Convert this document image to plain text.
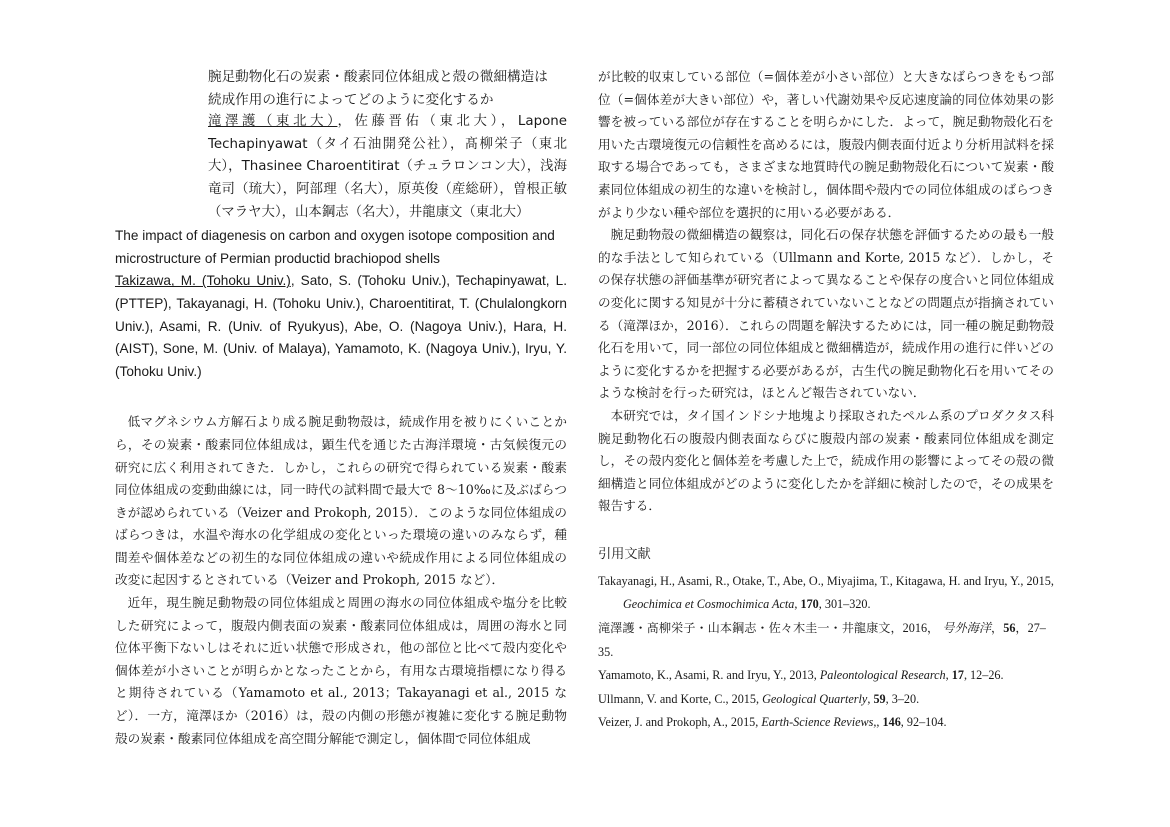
腕足動物化石の炭素・酸素同位体組成と殻の微細構造は
続成作用の進行によってどのように変化するか
滝澤護（東北大），佐藤晋佑（東北大），Lapone Techapinyawat（タイ石油開発公社），髙柳栄子（東北大），Thasinee Charoentitirat（チュラロンコン大），浅海竜司（琉大），阿部理（名大），原英俊（産総研），曽根正敏（マラヤ大），山本鋼志（名大），井龍康文（東北大）
The impact of diagenesis on carbon and oxygen isotope composition and
microstructure of Permian productid brachiopod shells
Takizawa, M. (Tohoku Univ.), Sato, S. (Tohoku Univ.), Techapinyawat, L. (PTTEP), Takayanagi, H. (Tohoku Univ.), Charoentitirat, T. (Chulalongkorn Univ.), Asami, R. (Univ. of Ryukyus), Abe, O. (Nagoya Univ.), Hara, H. (AIST), Sone, M. (Univ. of Malaya), Yamamoto, K. (Nagoya Univ.), Iryu, Y. (Tohoku Univ.)

低マグネシウム方解石より成る腕足動物殻は，続成作用を被りにくいことから，その炭素・酸素同位体組成は，顕生代を通じた古海洋環境・古気候復元の研究に広く利用されてきた．しかし，これらの研究で得られている炭素・酸素同位体組成の変動曲線には，同一時代の試料間で最大で 8〜10‰に及ぶばらつきが認められている（Veizer and Prokoph, 2015）．このような同位体組成のばらつきは，水温や海水の化学組成の変化といった環境の違いのみならず，種間差や個体差などの初生的な同位体組成の違いや続成作用による同位体組成の改変に起因するとされている（Veizer and Prokoph, 2015 など）．

近年，現生腕足動物殻の同位体組成と周囲の海水の同位体組成や塩分を比較した研究によって，腹殻内側表面の炭素・酸素同位体組成は，周囲の海水と同位体平衡下ないしはそれに近い状態で形成され，他の部位と比べて殻内変化や個体差が小さいことが明らかとなったことから，有用な古環境指標になり得ると期待されている（Yamamoto et al., 2013；Takayanagi et al., 2015 など）．一方，滝澤ほか（2016）は，殻の内側の形態が複雑に変化する腕足動物殻の炭素・酸素同位体組成を高空間分解能で測定し，個体間で同位体組成

が比較的収束している部位（=個体差が小さい部位）と大きなばらつきをもつ部位（=個体差が大きい部位）や，著しい代謝効果や反応速度論的同位体効果の影響を被っている部位が存在することを明らかにした．よって，腕足動物殻化石を用いた古環境復元の信頼性を高めるには，腹殻内側表面付近より分析用試料を採取する場合であっても，さまざまな地質時代の腕足動物殻化石について炭素・酸素同位体組成の初生的な違いを検討し，個体間や殻内での同位体組成のばらつきがより少ない種や部位を選択的に用いる必要がある．

腕足動物殻の微細構造の観察は，同化石の保存状態を評価するための最も一般的な手法として知られている（Ullmann and Korte, 2015 など）．しかし，その保存状態の評価基準が研究者によって異なることや保存の度合いと同位体組成の変化に関する知見が十分に蓄積されていないことなどの問題点が指摘されている（滝澤ほか，2016）．これらの問題を解決するためには，同一種の腕足動物殻化石を用いて，同一部位の同位体組成と微細構造が，続成作用の進行に伴いどのように変化するかを把握する必要があるが，古生代の腕足動物化石を用いてそのような検討を行った研究は，ほとんど報告されていない．

本研究では，タイ国インドシナ地塊より採取されたペルム系のプロダクタス科腕足動物化石の腹殻内側表面ならびに腹殻内部の炭素・酸素同位体組成を測定し，その殻内変化と個体差を考慮した上で，続成作用の影響によってその殻の微細構造と同位体組成がどのように変化したかを詳細に検討したので，その成果を報告する．

引用文献
Takayanagi, H., Asami, R., Otake, T., Abe, O., Miyajima, T., Kitagawa, H. and Iryu, Y., 2015,
Geochimica et Cosmochimica Acta, 170, 301–320.
滝澤護・髙柳栄子・山本鋼志・佐々木圭一・井龍康文，2016， 号外海洋，56，27–35.
Yamamoto, K., Asami, R. and Iryu, Y., 2013, Paleontological Research, 17, 12–26.
Ullmann, V. and Korte, C., 2015, Geological Quarterly, 59, 3–20.
Veizer, J. and Prokoph, A., 2015, Earth-Science Reviews,, 146, 92–104.
